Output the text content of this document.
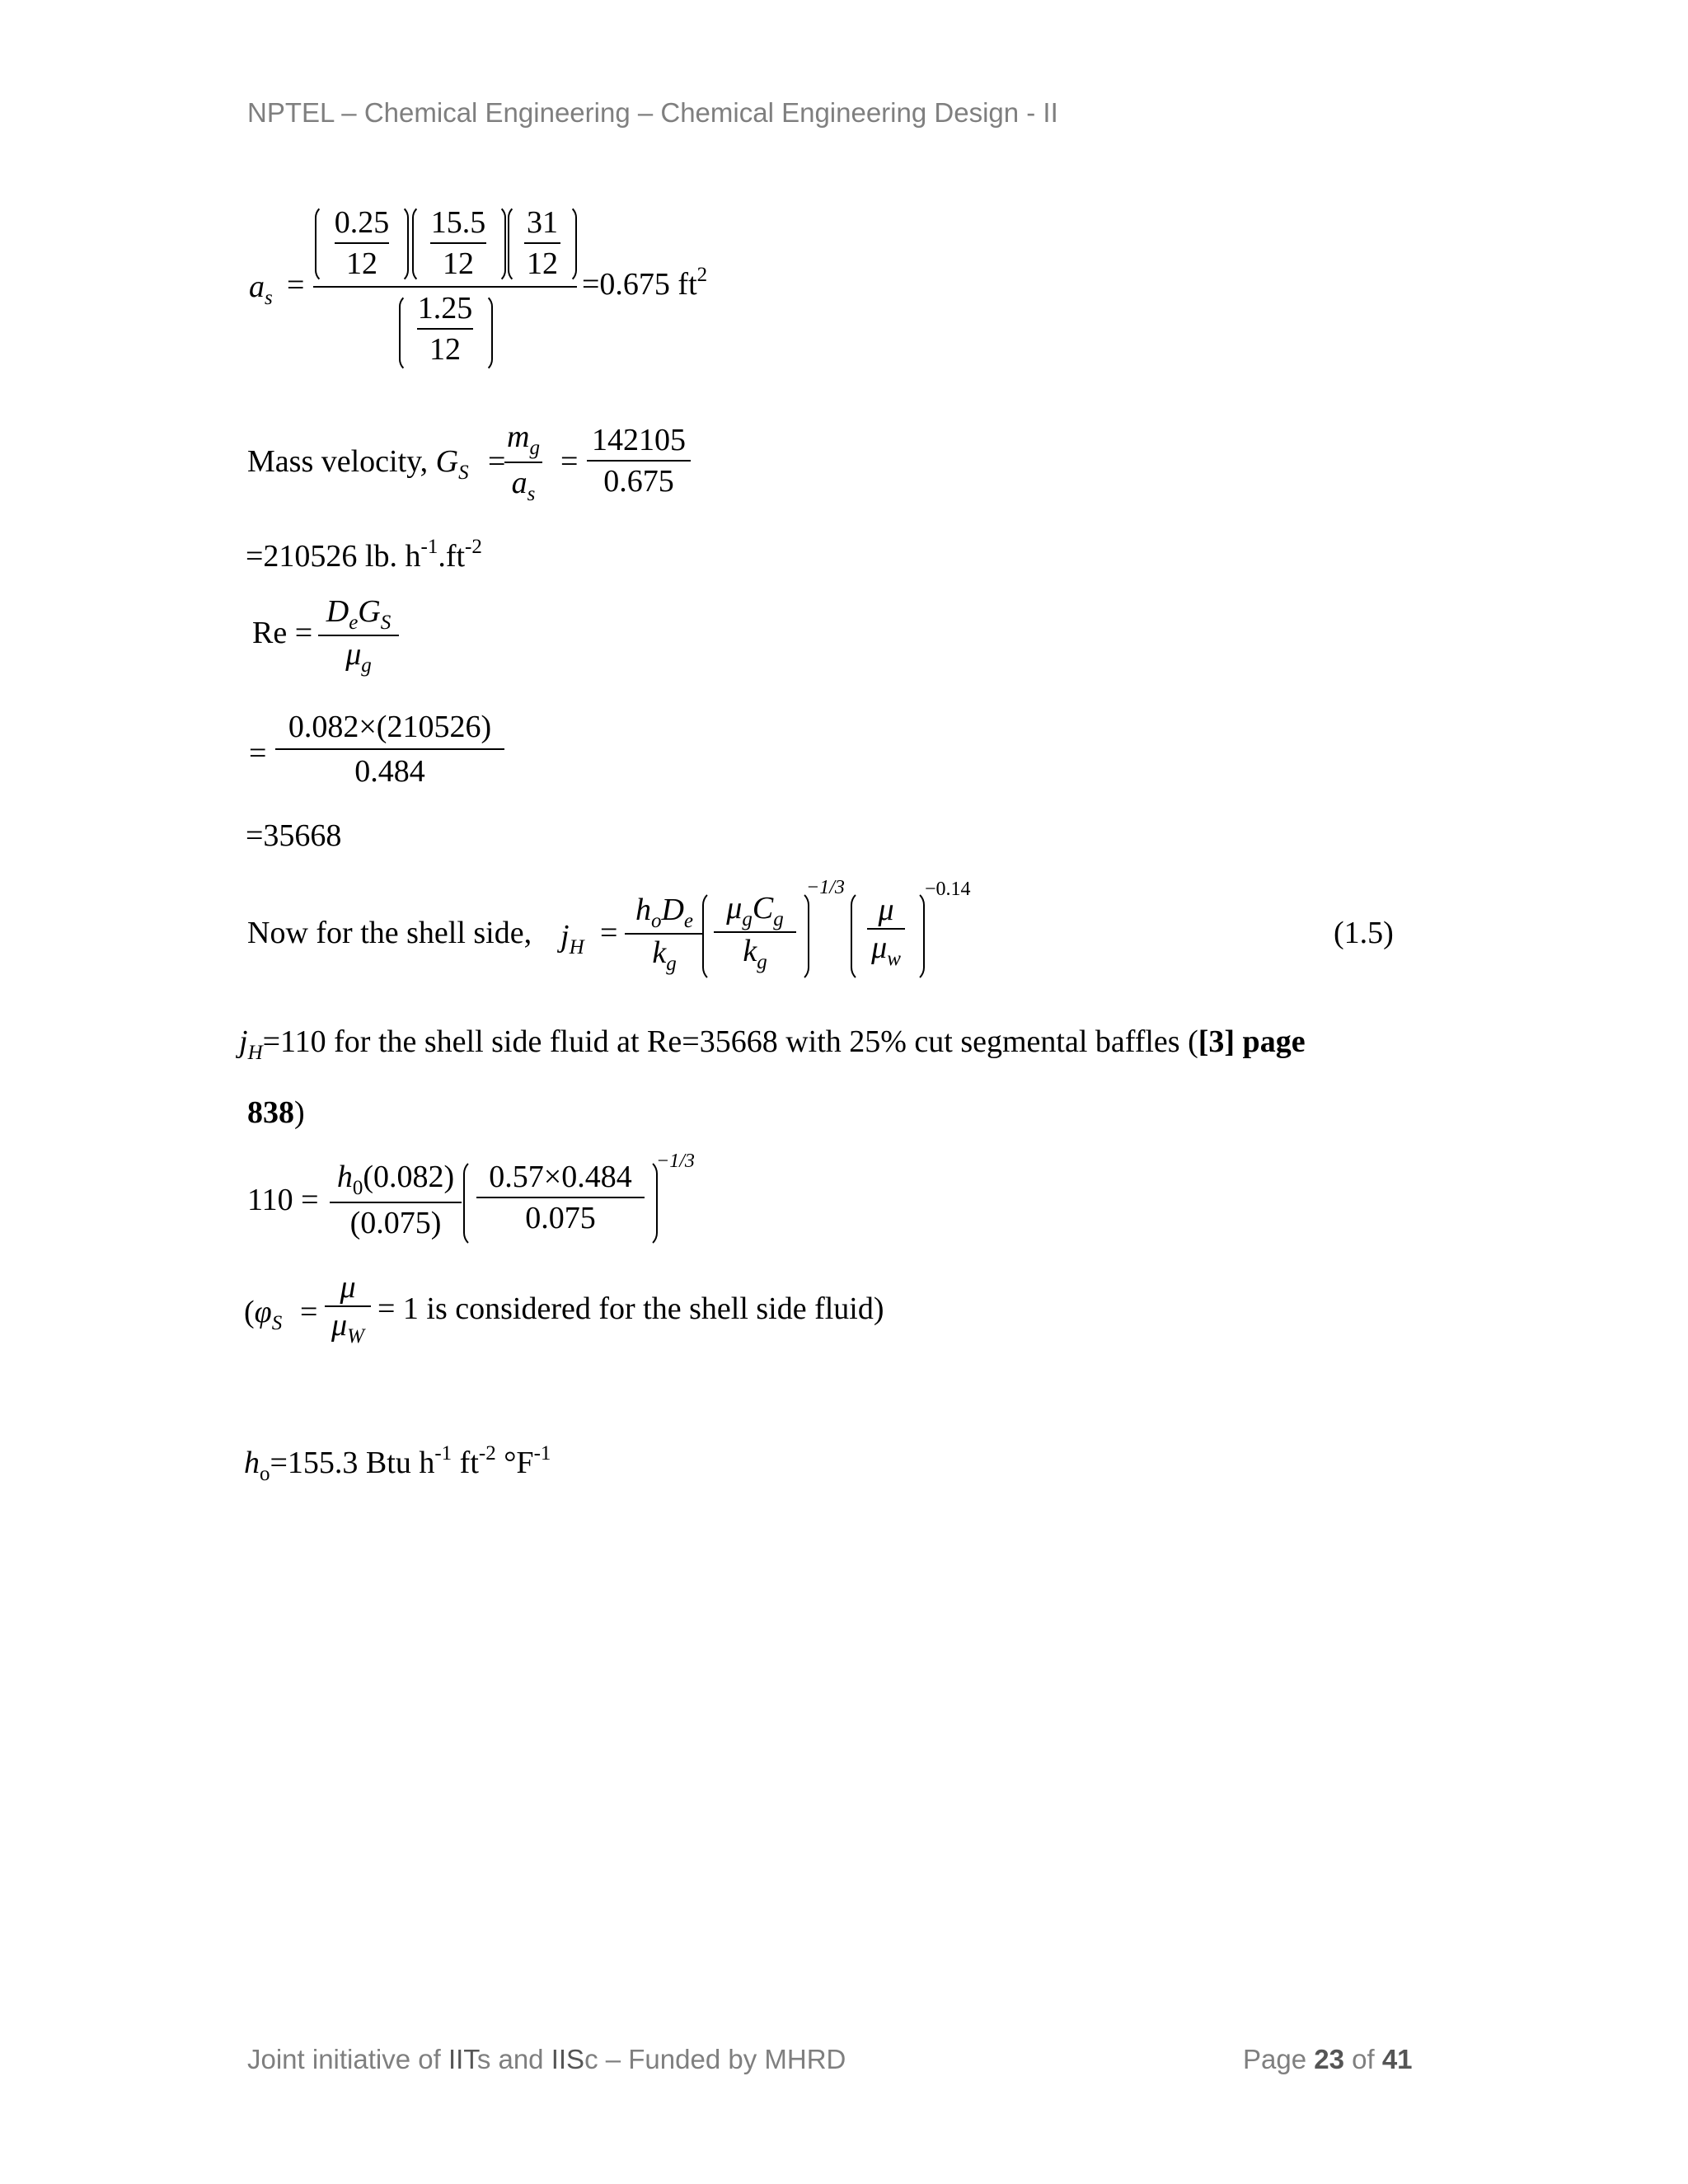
NPTEL – Chemical Engineering – Chemical Engineering Design - II
$a_s$ =
0.25
12
15.5
12
31
12
1.25
12
=0.675 $ft^2$
Mass velocity, $G_S$ =
$m_g$
$a_s$
=
142105
0.675
=210526 lb. $h^{-1}.ft^{-2}$
Re =
$D_eG_S$
$\mu_g$
=
0.082×(210526)
0.484
=35668
Now for the shell side, $j_H$ =
$h_oD_e$
$k_g$
$\mu_gC_g$
$k_g$
−1/3
μ
$\mu_w$
−0.14
(1.5)
$j_H=110$ for the shell side fluid at Re=35668 with 25% cut segmental baffles ([3] page
838)
110 =
$h_0(0.082)$
(0.075)
0.57×0.484
0.075
−1/3
($\varphi_S$ =
μ
$\mu_W$
= 1 is considered for the shell side fluid)
$h_o=155.3$ Btu $h^{-1}$ $ft^{-2}$ $^\circ F^{-1}$
Joint initiative of IITs and IISc – Funded by MHRD	Page 23 of 41
